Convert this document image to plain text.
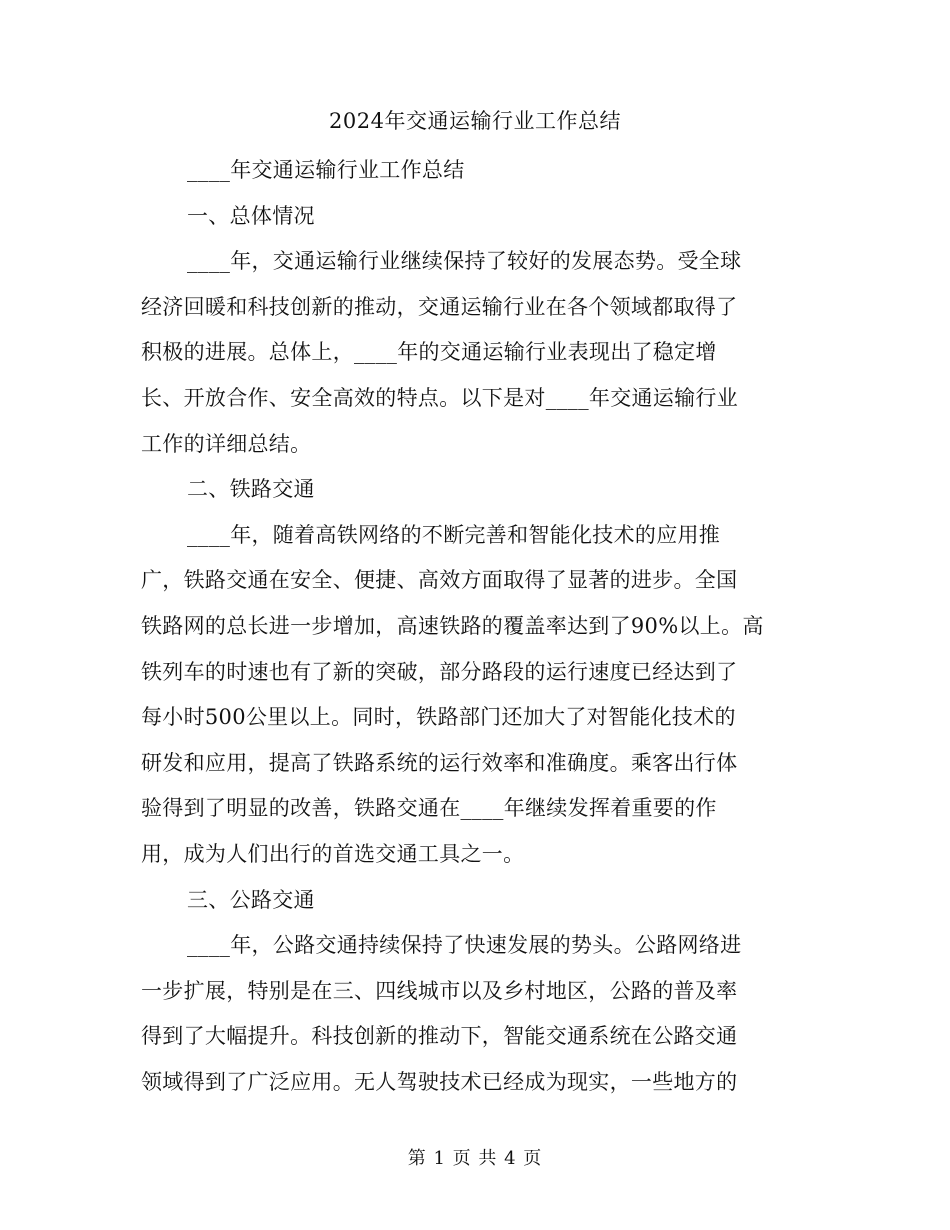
2024年交通运输行业工作总结
____年交通运输行业工作总结
一、总体情况
____年，交通运输行业继续保持了较好的发展态势。受全球
经济回暖和科技创新的推动，交通运输行业在各个领域都取得了
积极的进展。总体上，____年的交通运输行业表现出了稳定增
长、开放合作、安全高效的特点。以下是对____年交通运输行业
工作的详细总结。
二、铁路交通
____年，随着高铁网络的不断完善和智能化技术的应用推
广，铁路交通在安全、便捷、高效方面取得了显著的进步。全国
铁路网的总长进一步增加，高速铁路的覆盖率达到了90%以上。高
铁列车的时速也有了新的突破，部分路段的运行速度已经达到了
每小时500公里以上。同时，铁路部门还加大了对智能化技术的
研发和应用，提高了铁路系统的运行效率和准确度。乘客出行体
验得到了明显的改善，铁路交通在____年继续发挥着重要的作
用，成为人们出行的首选交通工具之一。
三、公路交通
____年，公路交通持续保持了快速发展的势头。公路网络进
一步扩展，特别是在三、四线城市以及乡村地区，公路的普及率
得到了大幅提升。科技创新的推动下，智能交通系统在公路交通
领域得到了广泛应用。无人驾驶技术已经成为现实，一些地方的
第 1 页 共 4 页
